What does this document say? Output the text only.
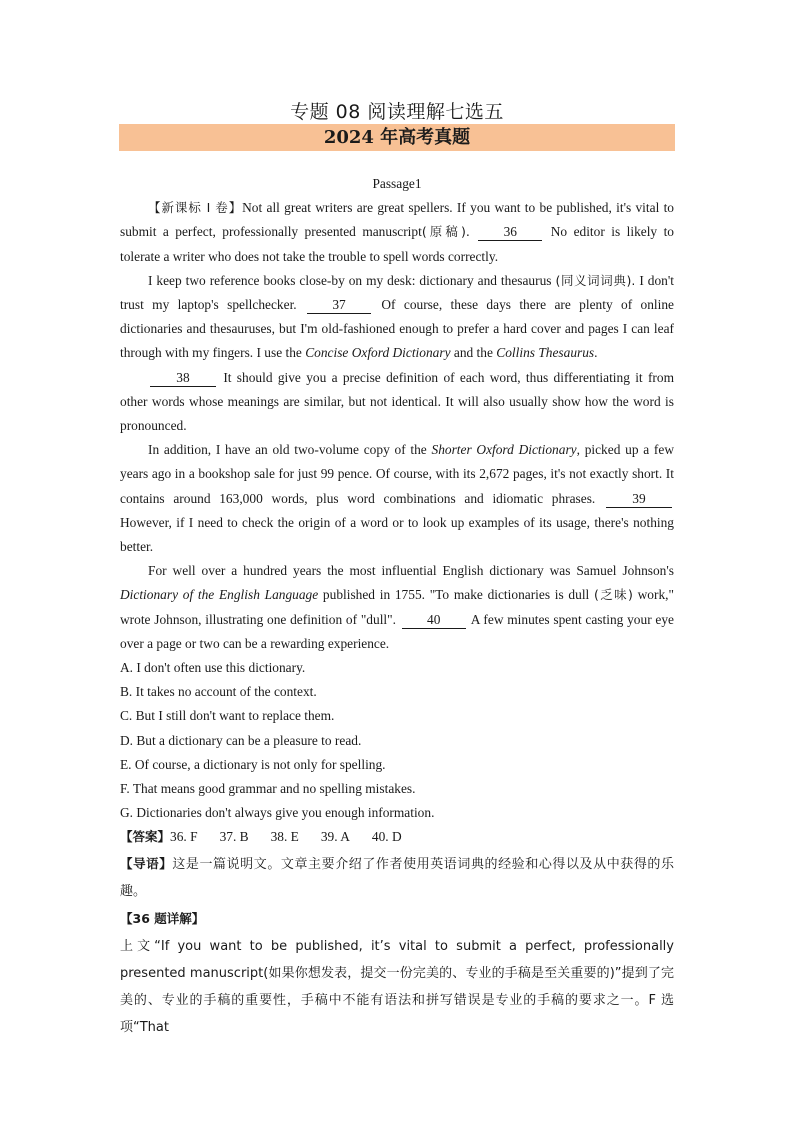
专题 08 阅读理解七选五
2024 年高考真题

Passage1

【新课标 I 卷】Not all great writers are great spellers. If you want to be published, it's vital to submit a perfect, professionally presented manuscript(原稿).	36	No editor is likely to tolerate a writer who does not take the trouble to spell words correctly.

I keep two reference books close-by on my desk: dictionary and thesaurus (同义词词典). I don't trust my laptop's spellchecker.	37	Of course, these days there are plenty of online dictionaries and thesauruses, but I'm old-fashioned enough to prefer a hard cover and pages I can leaf through with my fingers. I use the Concise Oxford Dictionary and the Collins Thesaurus.

38	It should give you a precise definition of each word, thus differentiating it from other words whose meanings are similar, but not identical. It will also usually show how the word is pronounced.

In addition, I have an old two-volume copy of the Shorter Oxford Dictionary, picked up a few years ago in a bookshop sale for just 99 pence. Of course, with its 2,672 pages, it's not exactly short. It contains around 163,000 words, plus word combinations and idiomatic phrases.	39 However, if I need to check the origin of a word or to look up examples of its usage, there's nothing better.

For well over a hundred years the most influential English dictionary was Samuel Johnson's Dictionary of the English Language published in 1755. "To make dictionaries is dull (乏味) work," wrote Johnson, illustrating one definition of "dull". 40 A few minutes spent casting your eye over a page or two can be a rewarding experience.

A. I don't often use this dictionary.

B. It takes no account of the context.

C. But I still don't want to replace them.

D. But a dictionary can be a pleasure to read.

E. Of course, a dictionary is not only for spelling.

F. That means good grammar and no spelling mistakes.

G. Dictionaries don't always give you enough information.

【答案】36. F 37. B 38. E 39. A 40. D

【导语】这是一篇说明文。文章主要介绍了作者使用英语词典的经验和心得以及从中获得的乐趣。

【36 题详解】

上文“If you want to be published, it’s vital to submit a perfect, professionally presented manuscript(如果你想发表，提交一份完美的、专业的手稿是至关重要的)”提到了完美的、专业的手稿的重要性，手稿中不能有语法和拼写错误是专业的手稿的要求之一。F 选项“That
